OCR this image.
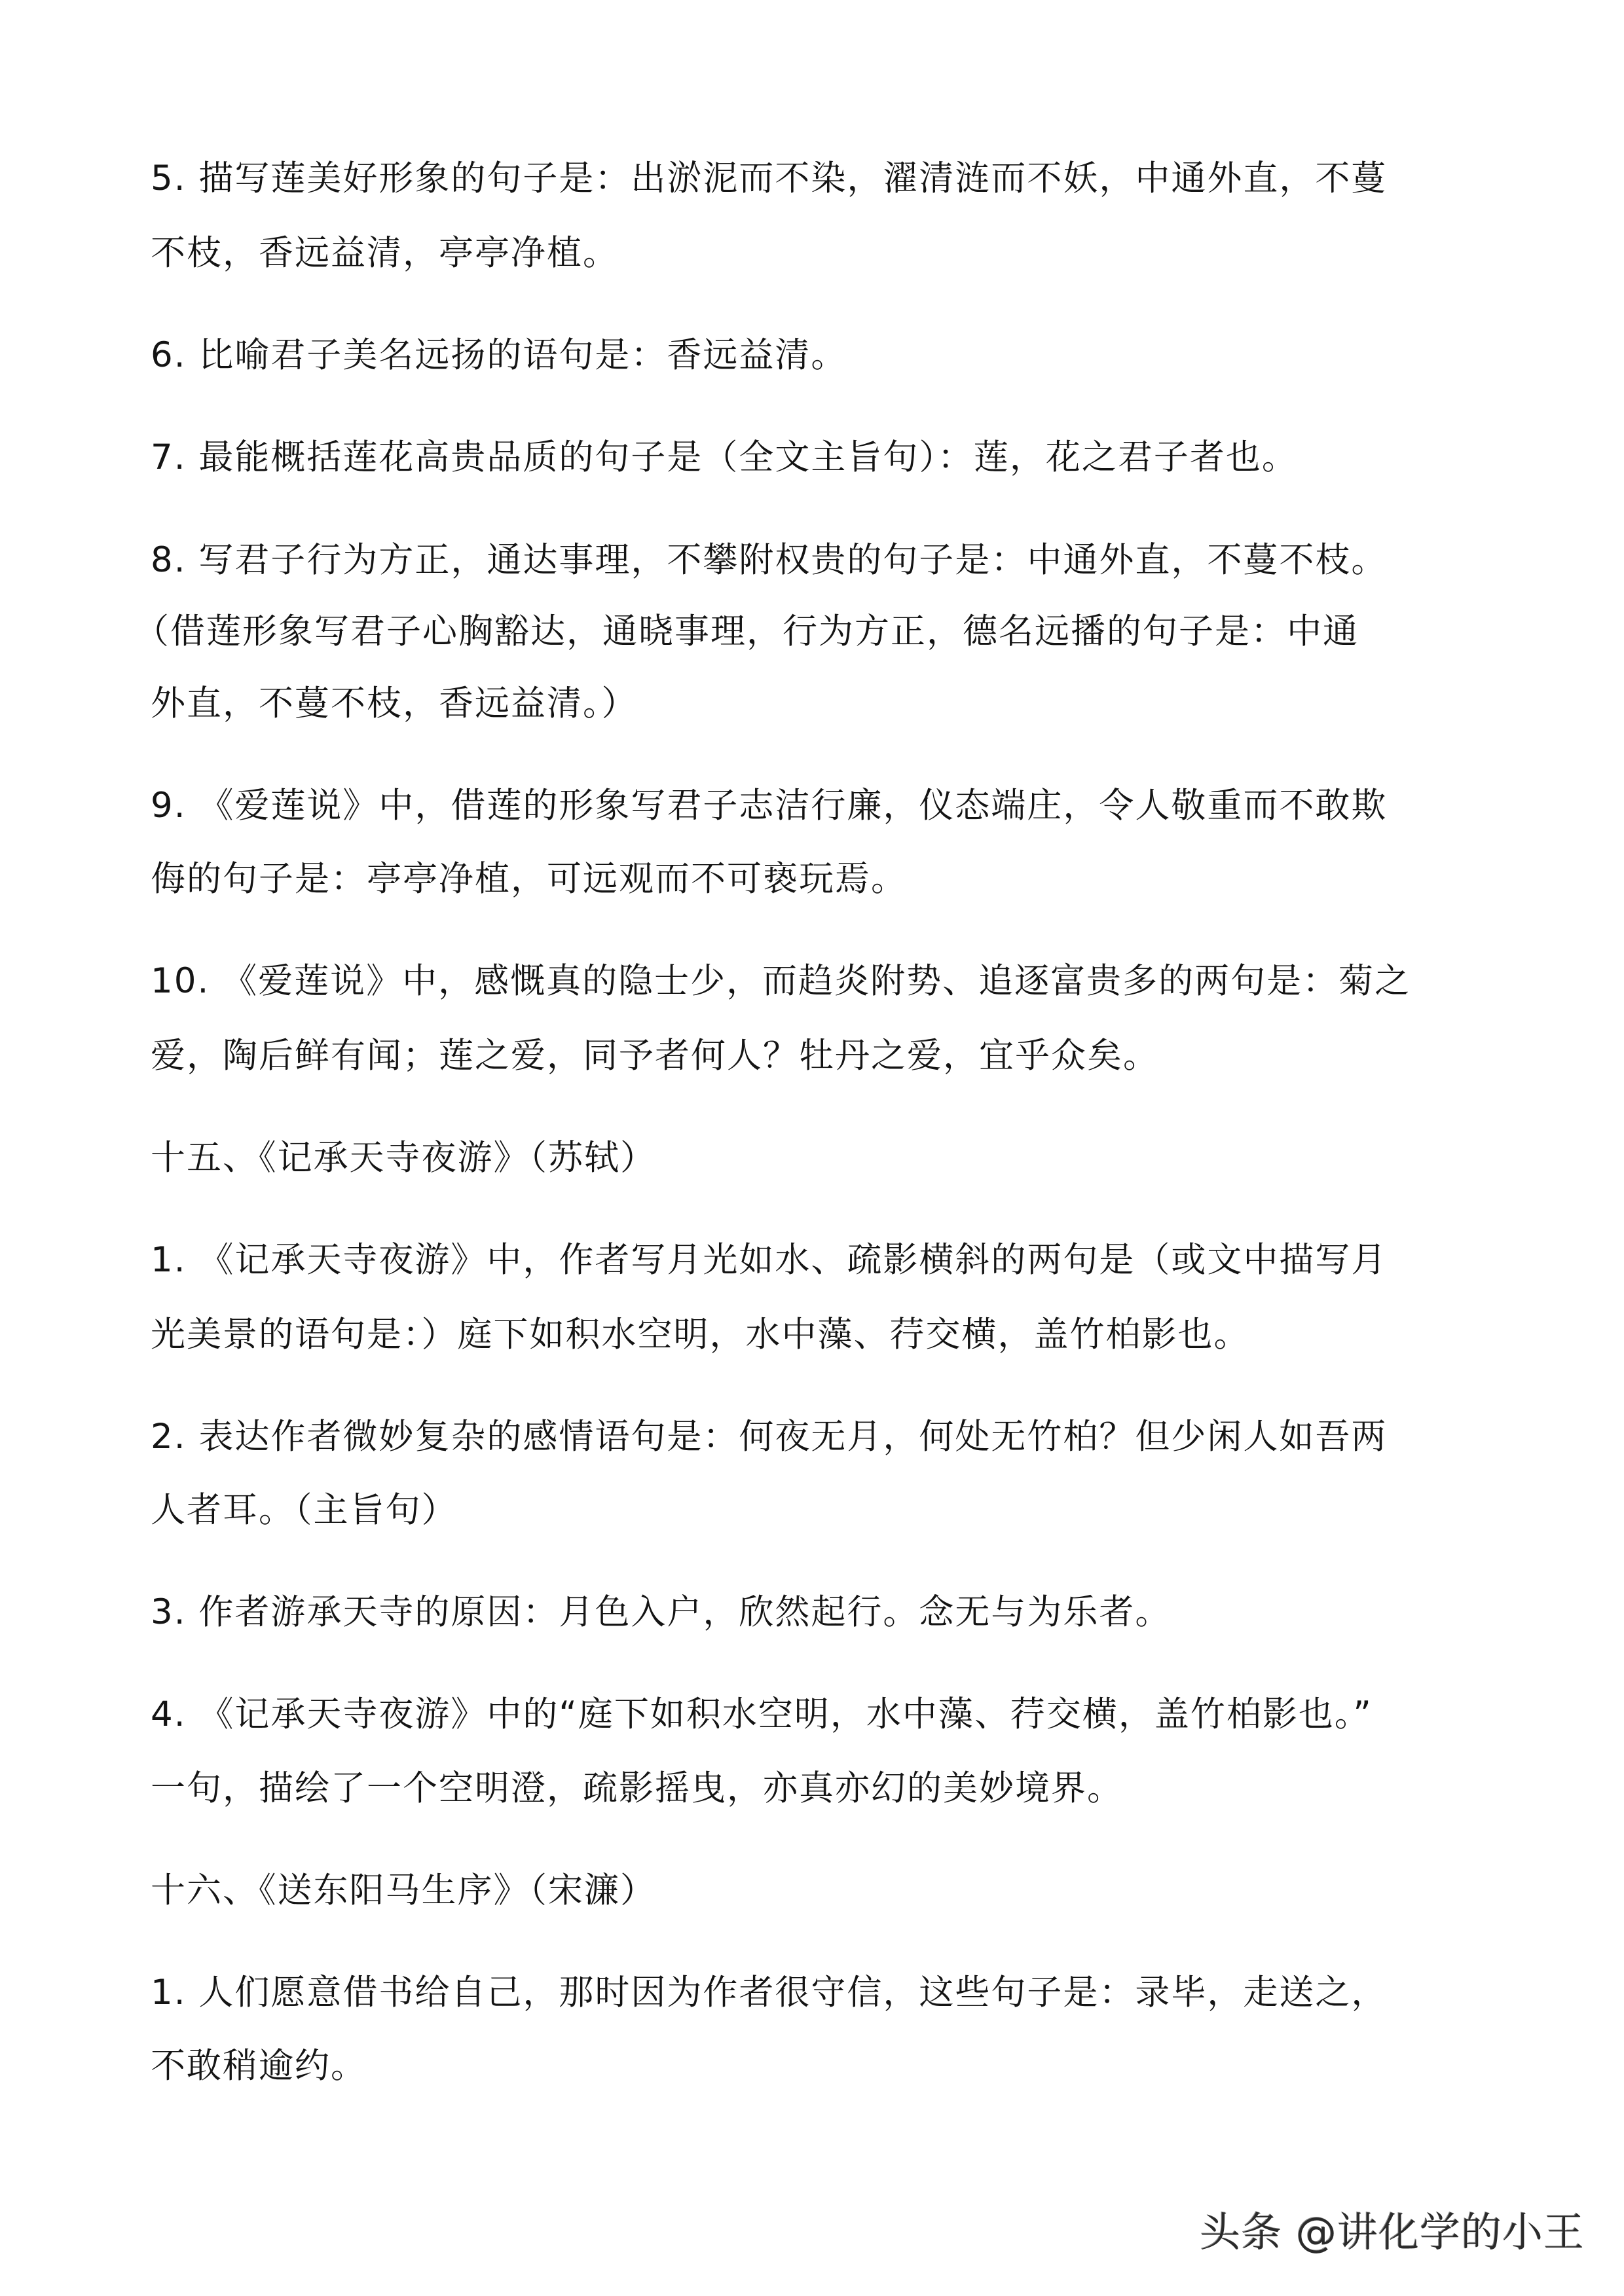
5. 描写莲美好形象的句子是：出淤泥而不染，濯清涟而不妖，中通外直，不蔓
不枝，香远益清，亭亭净植。
6. 比喻君子美名远扬的语句是：香远益清。
7. 最能概括莲花高贵品质的句子是（全文主旨句）：莲，花之君子者也。
8. 写君子行为方正，通达事理，不攀附权贵的句子是：中通外直，不蔓不枝。
（借莲形象写君子心胸豁达，通晓事理，行为方正，德名远播的句子是：中通
外直，不蔓不枝，香远益清。）
9. 《爱莲说》中，借莲的形象写君子志洁行廉，仪态端庄，令人敬重而不敢欺
侮的句子是：亭亭净植，可远观而不可亵玩焉。
10. 《爱莲说》中，感慨真的隐士少，而趋炎附势、追逐富贵多的两句是：菊之
爱，陶后鲜有闻；莲之爱，同予者何人？牡丹之爱，宜乎众矣。
十五、《记承天寺夜游》（苏轼）
1. 《记承天寺夜游》中，作者写月光如水、疏影横斜的两句是（或文中描写月
光美景的语句是：）庭下如积水空明，水中藻、荇交横，盖竹柏影也。
2. 表达作者微妙复杂的感情语句是：何夜无月，何处无竹柏？但少闲人如吾两
人者耳。（主旨句）
3. 作者游承天寺的原因：月色入户，欣然起行。念无与为乐者。
4. 《记承天寺夜游》中的“庭下如积水空明，水中藻、荇交横，盖竹柏影也。”
一句，描绘了一个空明澄，疏影摇曳，亦真亦幻的美妙境界。
十六、《送东阳马生序》（宋濂）
1. 人们愿意借书给自己，那时因为作者很守信，这些句子是：录毕，走送之，
不敢稍逾约。
头条 @讲化学的小王
